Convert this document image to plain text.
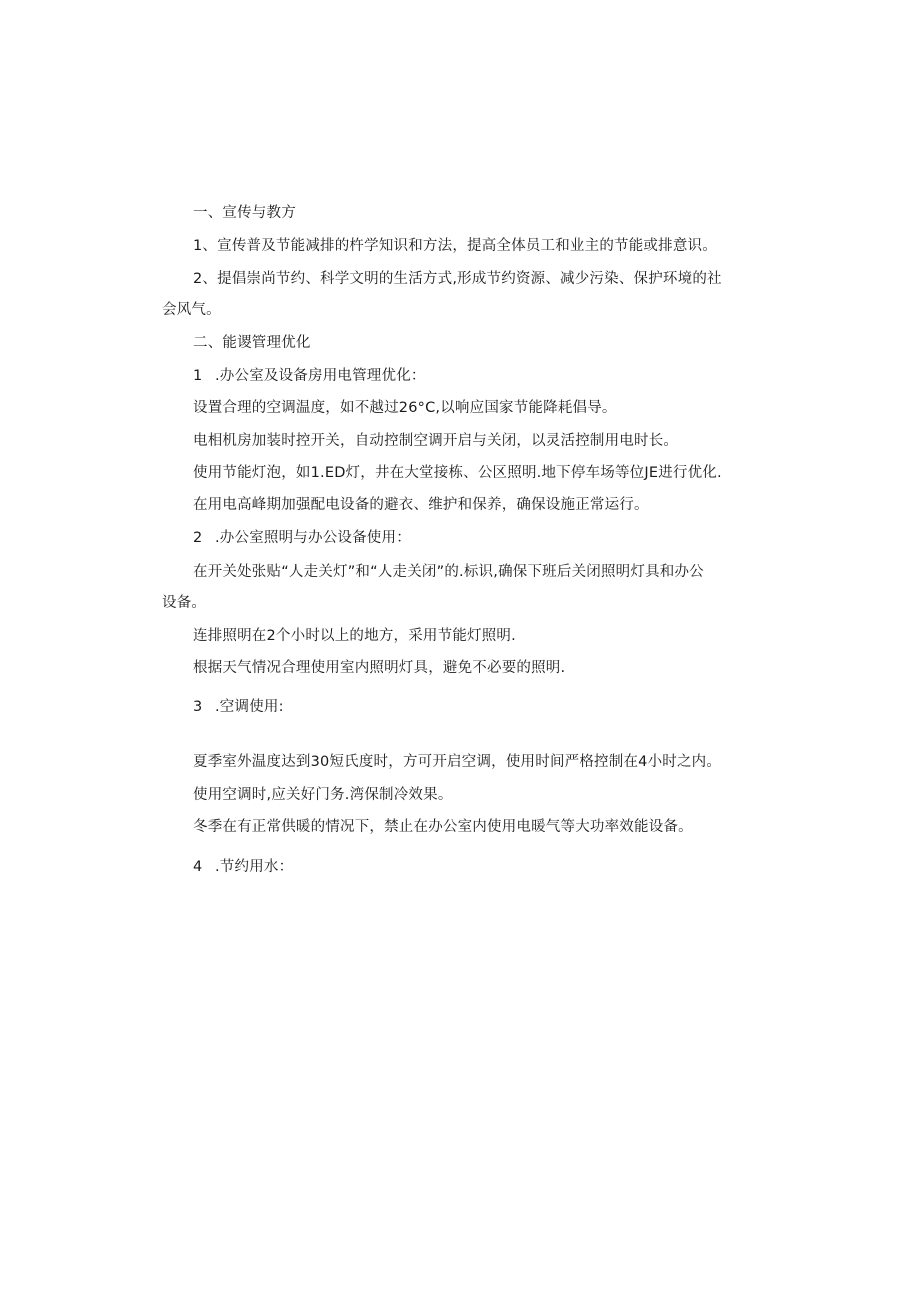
一、宣传与教方
1、宣传普及节能减排的杵学知识和方法，提高全体员工和业主的节能或排意识。
2、提倡崇尚节约、科学文明的生活方式,形成节约资源、减少污染、保护环境的社
会风气。
二、能谡管理优化
1 .办公室及设备房用电管理优化：
设置合理的空调温度，如不越过26°C,以响应国家节能降耗倡导。
电相机房加装时控开关，自动控制空调开启与关闭，以灵活控制用电时长。
使用节能灯泡，如1.ED灯，井在大堂接栋、公区照明.地下停车场等位JE进行优化.
在用电高峰期加强配电设备的避衣、维护和保养，确保设施正常运行。
2 .办公室照明与办公设备使用：
在开关处张贴“人走关灯”和“人走关闭”的.标识,确保下班后关闭照明灯具和办公
设备。
连排照明在2个小时以上的地方，采用节能灯照明.
根据天气情况合理使用室内照明灯具，避免不必要的照明.
3 .空调使用:
夏季室外温度达到30短氏度时，方可开启空调，使用时间严格控制在4小时之内。
使用空调时,应关好门务.湾保制冷效果。
冬季在有正常供暖的情况下，禁止在办公室内使用电暖气等大功率效能设备。
4 .节约用水：
